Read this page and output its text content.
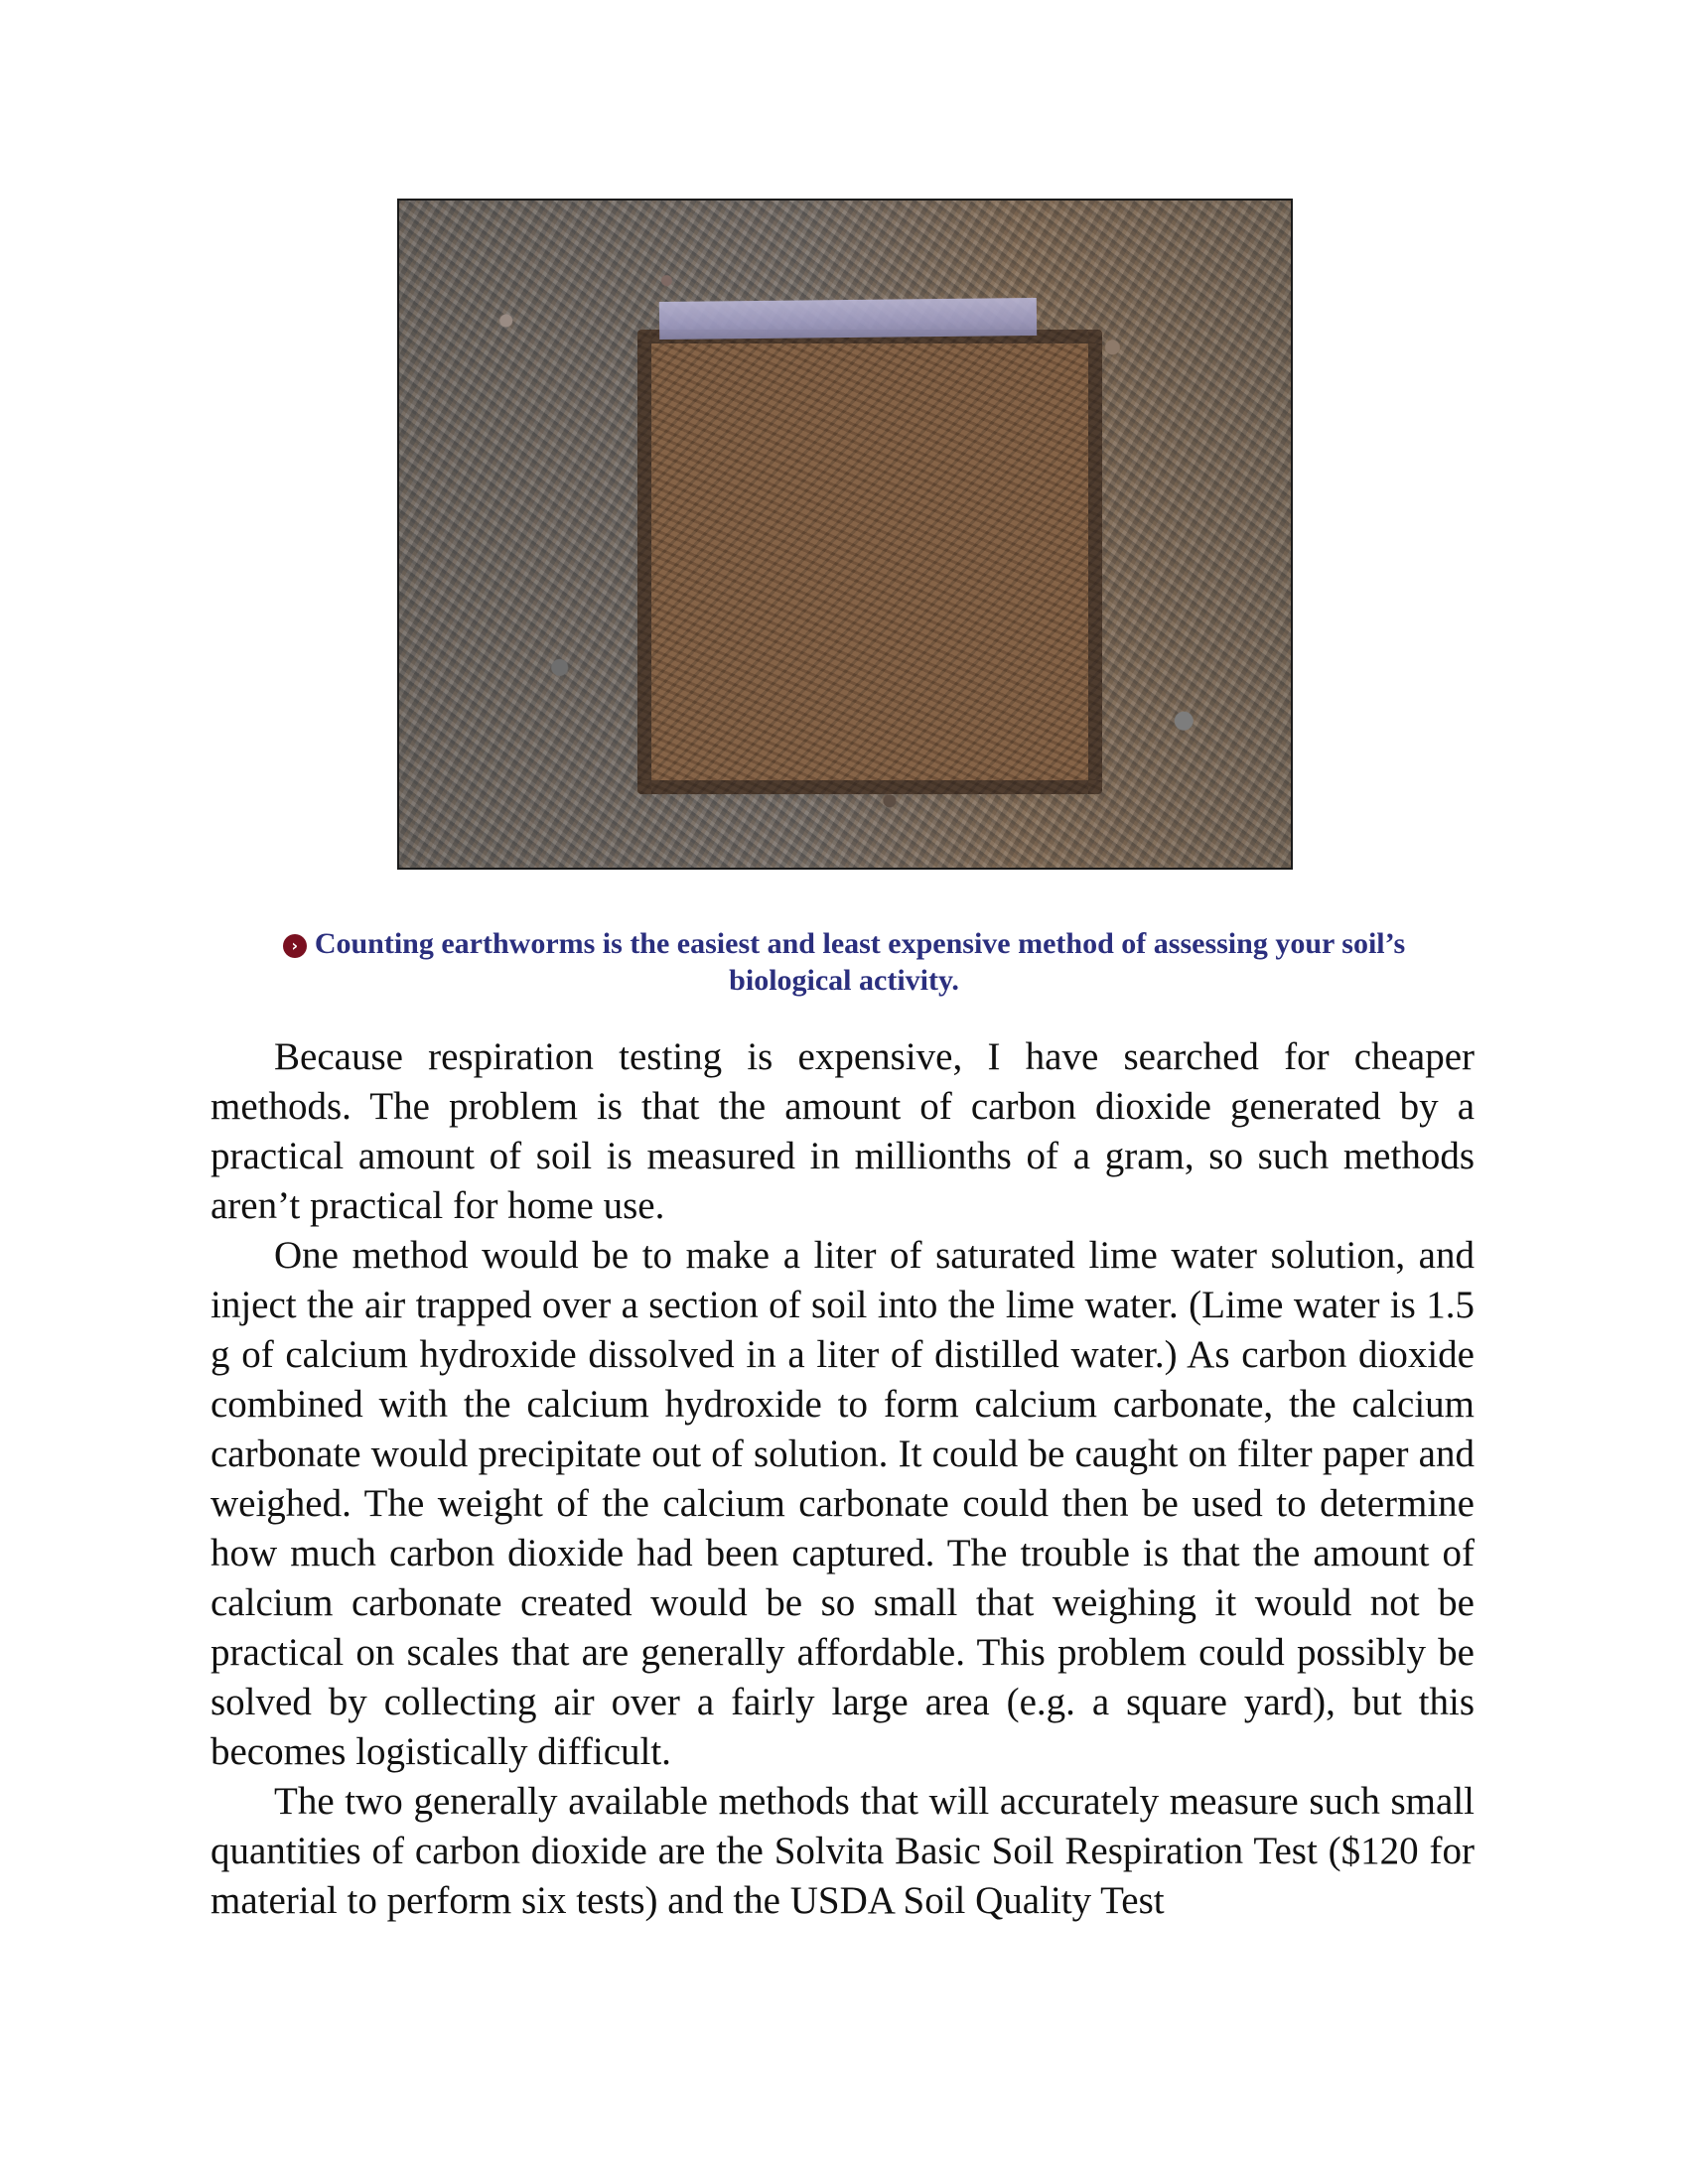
› Counting earthworms is the easiest and least expensive method of assessing your soil’s biological activity.

Because respiration testing is expensive, I have searched for cheaper methods. The problem is that the amount of carbon dioxide generated by a practical amount of soil is measured in millionths of a gram, so such methods aren’t practical for home use.

One method would be to make a liter of saturated lime water solution, and inject the air trapped over a section of soil into the lime water. (Lime water is 1.5 g of calcium hydroxide dissolved in a liter of distilled water.) As carbon dioxide combined with the calcium hydroxide to form calcium carbonate, the calcium carbonate would precipitate out of solution. It could be caught on filter paper and weighed. The weight of the calcium carbonate could then be used to determine how much carbon dioxide had been captured. The trouble is that the amount of calcium carbonate created would be so small that weighing it would not be practical on scales that are generally affordable. This problem could possibly be solved by collecting air over a fairly large area (e.g. a square yard), but this becomes logistically difficult.

The two generally available methods that will accurately measure such small quantities of carbon dioxide are the Solvita Basic Soil Respiration Test ($120 for material to perform six tests) and the USDA Soil Quality Test
